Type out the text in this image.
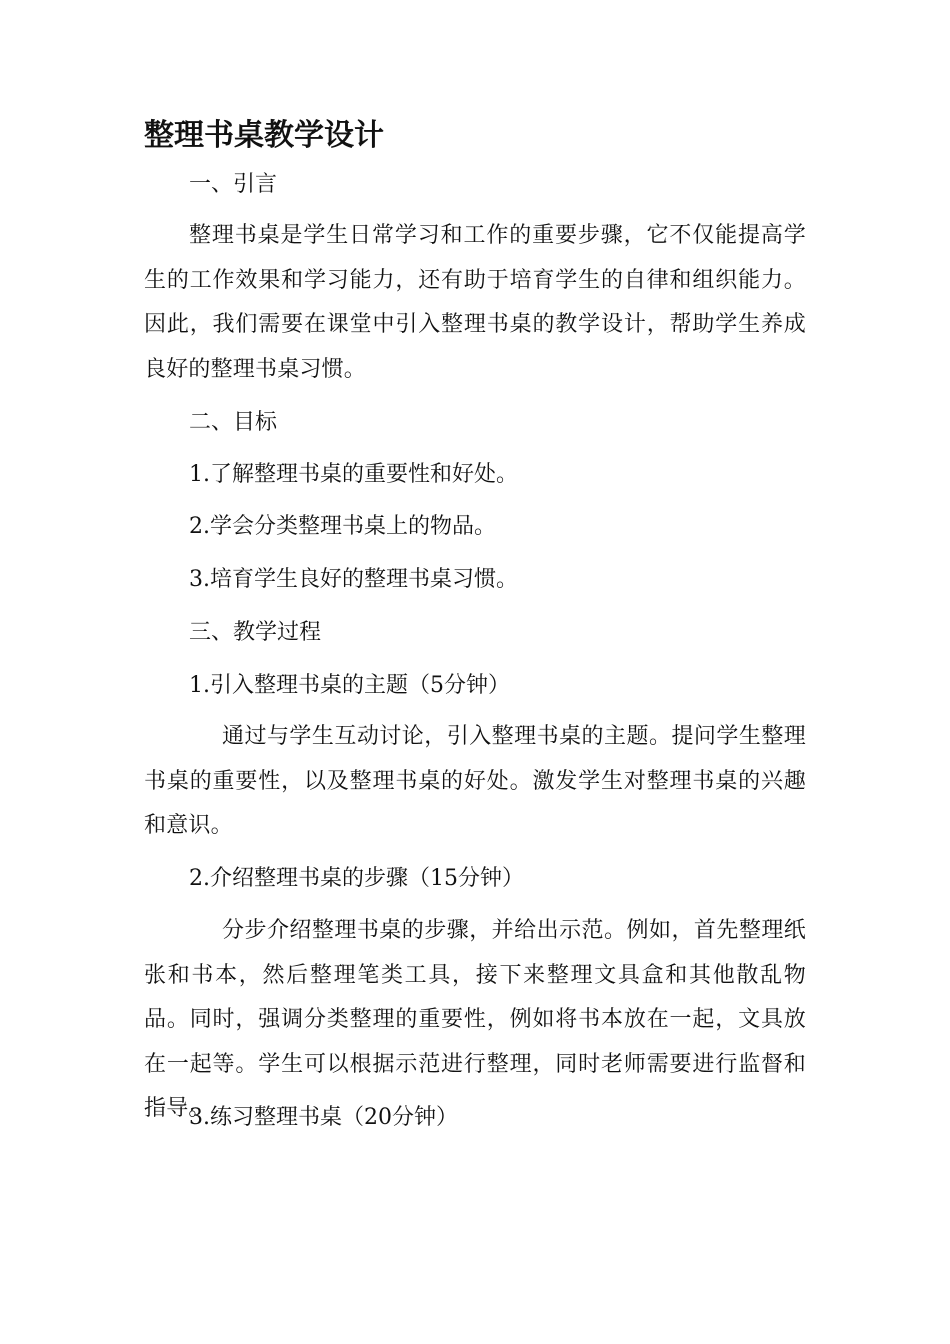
整理书桌教学设计

一、引言

整理书桌是学生日常学习和工作的重要步骤，它不仅能提高学生的工作效果和学习能力，还有助于培育学生的自律和组织能力。因此，我们需要在课堂中引入整理书桌的教学设计，帮助学生养成良好的整理书桌习惯。

二、目标

1.了解整理书桌的重要性和好处。

2.学会分类整理书桌上的物品。

3.培育学生良好的整理书桌习惯。

三、教学过程

1.引入整理书桌的主题（5分钟）

通过与学生互动讨论，引入整理书桌的主题。提问学生整理书桌的重要性，以及整理书桌的好处。激发学生对整理书桌的兴趣和意识。

2.介绍整理书桌的步骤（15分钟）

分步介绍整理书桌的步骤，并给出示范。例如，首先整理纸张和书本，然后整理笔类工具，接下来整理文具盒和其他散乱物品。同时，强调分类整理的重要性，例如将书本放在一起，文具放在一起等。学生可以根据示范进行整理，同时老师需要进行监督和指导。

3.练习整理书桌（20分钟）
